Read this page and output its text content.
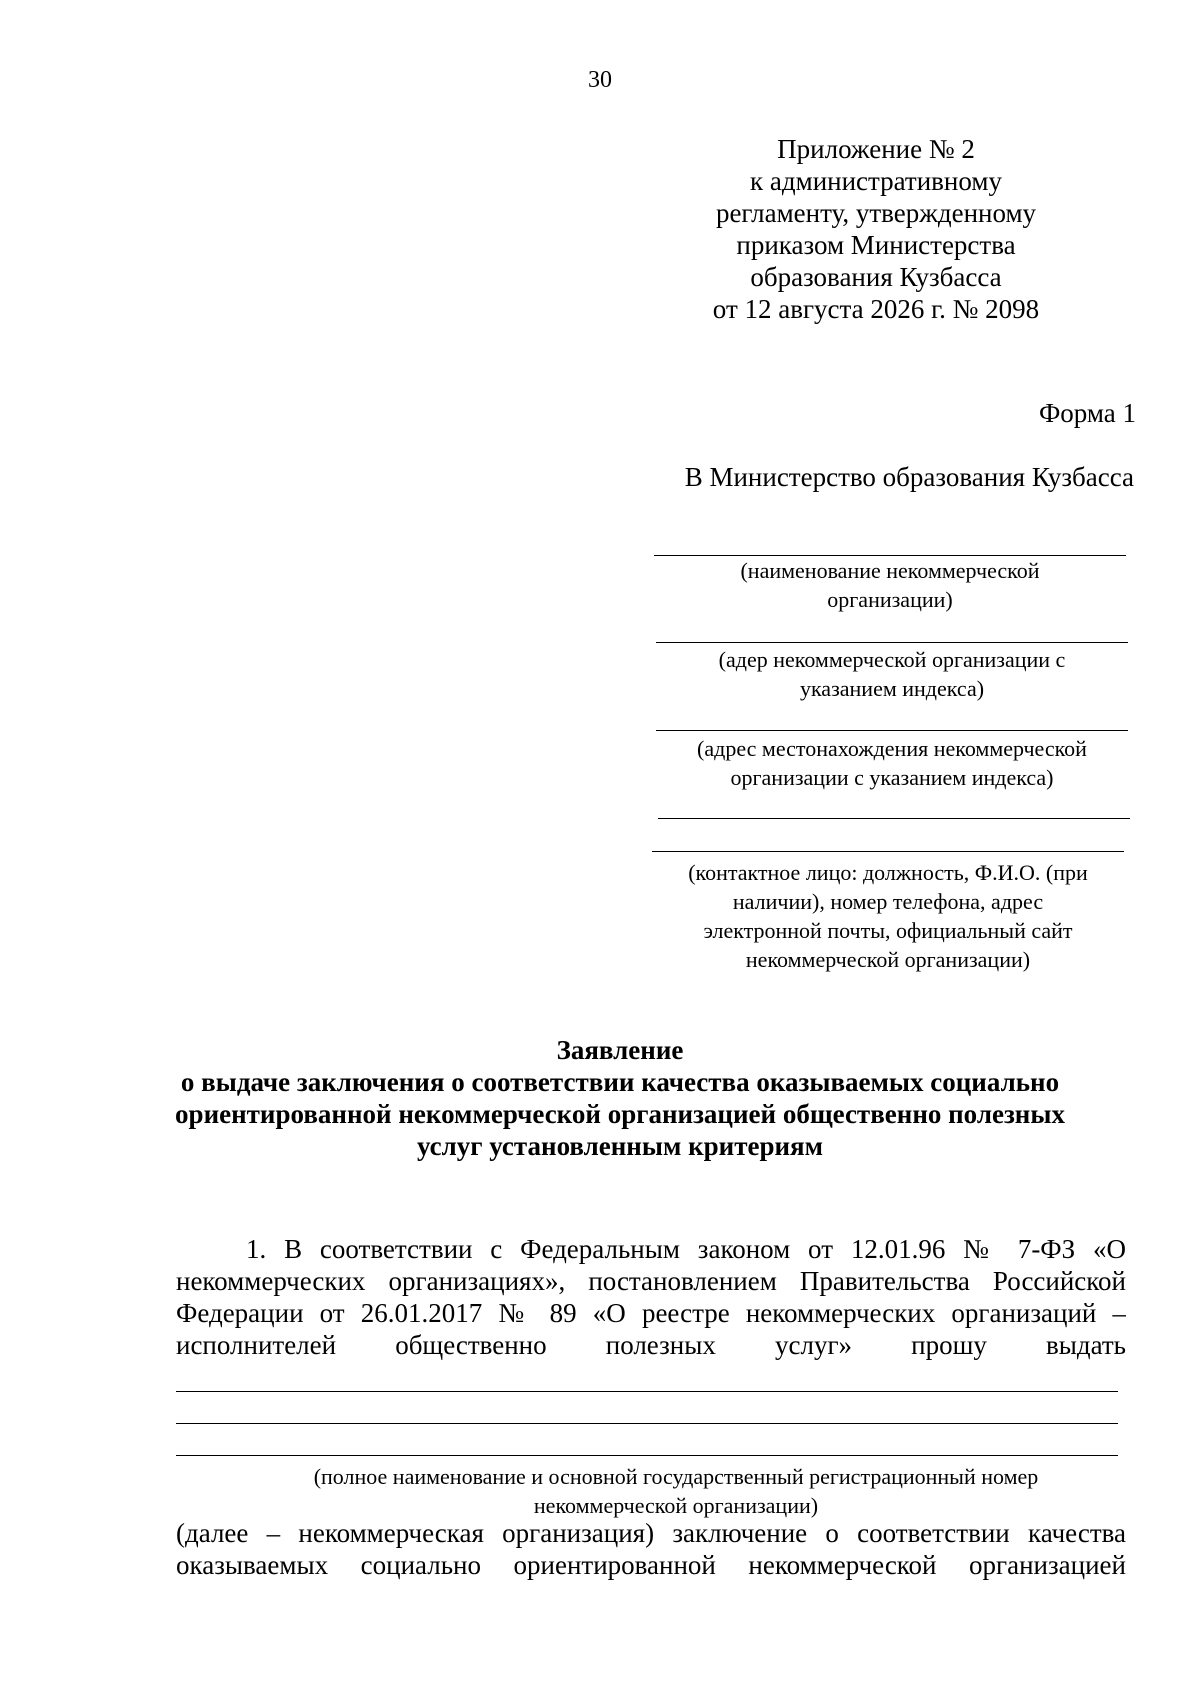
30
Приложение № 2
к административному
регламенту, утвержденному
приказом Министерства
образования Кузбасса
от 12 августа 2026 г. № 2098
Форма 1
В Министерство образования Кузбасса
(наименование некоммерческой
организации)
(адер некоммерческой организации с
указанием индекса)
(адрес местонахождения некоммерческой
организации с указанием индекса)
(контактное лицо: должность, Ф.И.О. (при
наличии), номер телефона, адрес
электронной почты, официальный сайт
некоммерческой организации)
Заявление
о выдаче заключения о соответствии качества оказываемых социально
ориентированной некоммерческой организацией общественно полезных
услуг установленным критериям
1. В соответствии с Федеральным законом от 12.01.96 № 7-ФЗ «О
некоммерческих организациях», постановлением Правительства Российской
Федерации от 26.01.2017 № 89 «О реестре некоммерческих организаций –
исполнителей общественно полезных услуг» прошу выдать
(полное наименование и основной государственный регистрационный номер
некоммерческой организации)
(далее – некоммерческая организация) заключение о соответствии качества
оказываемых социально ориентированной некоммерческой организацией
